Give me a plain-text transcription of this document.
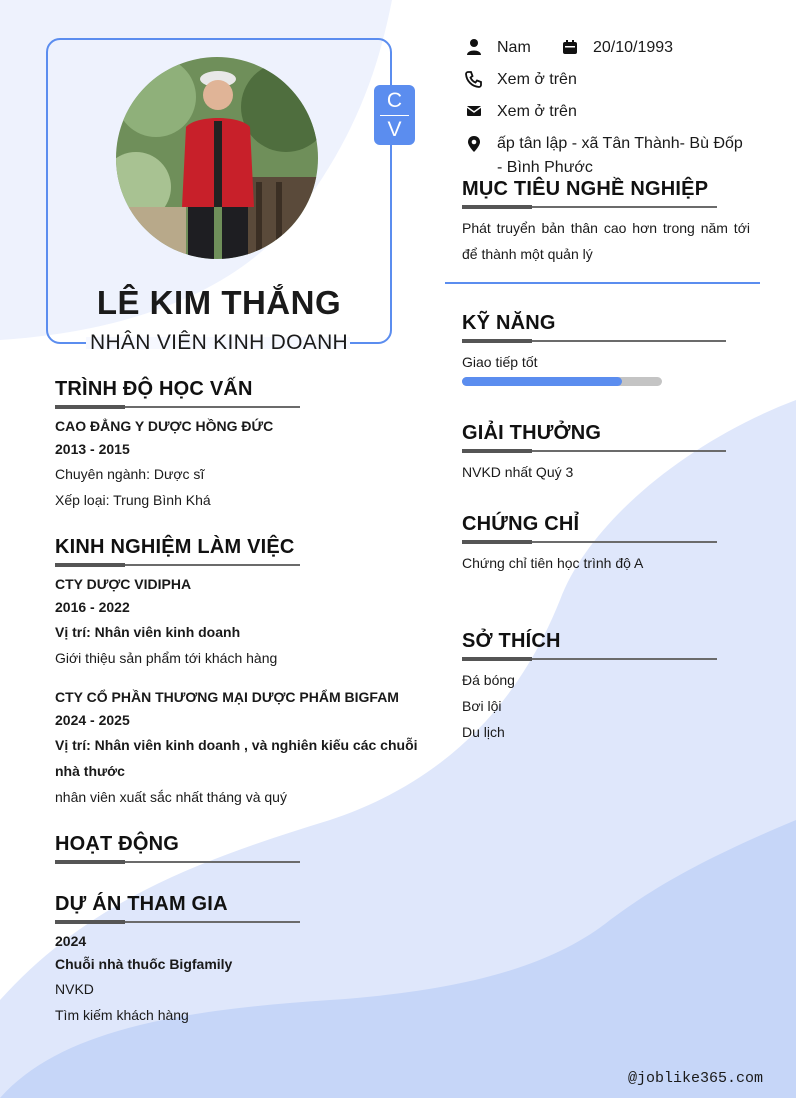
LÊ KIM THẮNG
NHÂN VIÊN KINH DOANH
C
V
Nam	20/10/1993
Xem ở trên
Xem ở trên
ấp tân lập - xã Tân Thành- Bù Đốp
- Bình Phước
TRÌNH ĐỘ HỌC VẤN
CAO ĐẲNG Y DƯỢC HỒNG ĐỨC
2013 - 2015
Chuyên ngành: Dược sĩ
Xếp loại: Trung Bình Khá
KINH NGHIỆM LÀM VIỆC
CTY DƯỢC VIDIPHA
2016 - 2022
Vị trí: Nhân viên kinh doanh
Giới thiệu sản phẩm tới khách hàng
CTY CỔ PHẦN THƯƠNG MẠI DƯỢC PHẨM BIGFAM
2024 - 2025
Vị trí: Nhân viên kinh doanh , và nghiên kiếu các chuỗi
nhà thước
nhân viên xuất sắc nhất tháng và quý
HOẠT ĐỘNG
DỰ ÁN THAM GIA
2024
Chuỗi nhà thuốc Bigfamily
NVKD
Tìm kiếm khách hàng
MỤC TIÊU NGHỀ NGHIỆP
Phát truyển bản thân cao hơn trong năm tới để thành một quản lý
KỸ NĂNG
Giao tiếp tốt
GIẢI THƯỞNG
NVKD nhất Quý 3
CHỨNG CHỈ
Chứng chỉ tiên học trình độ A
SỞ THÍCH
Đá bóng
Bơi lội
Du lịch
@joblike365.com
